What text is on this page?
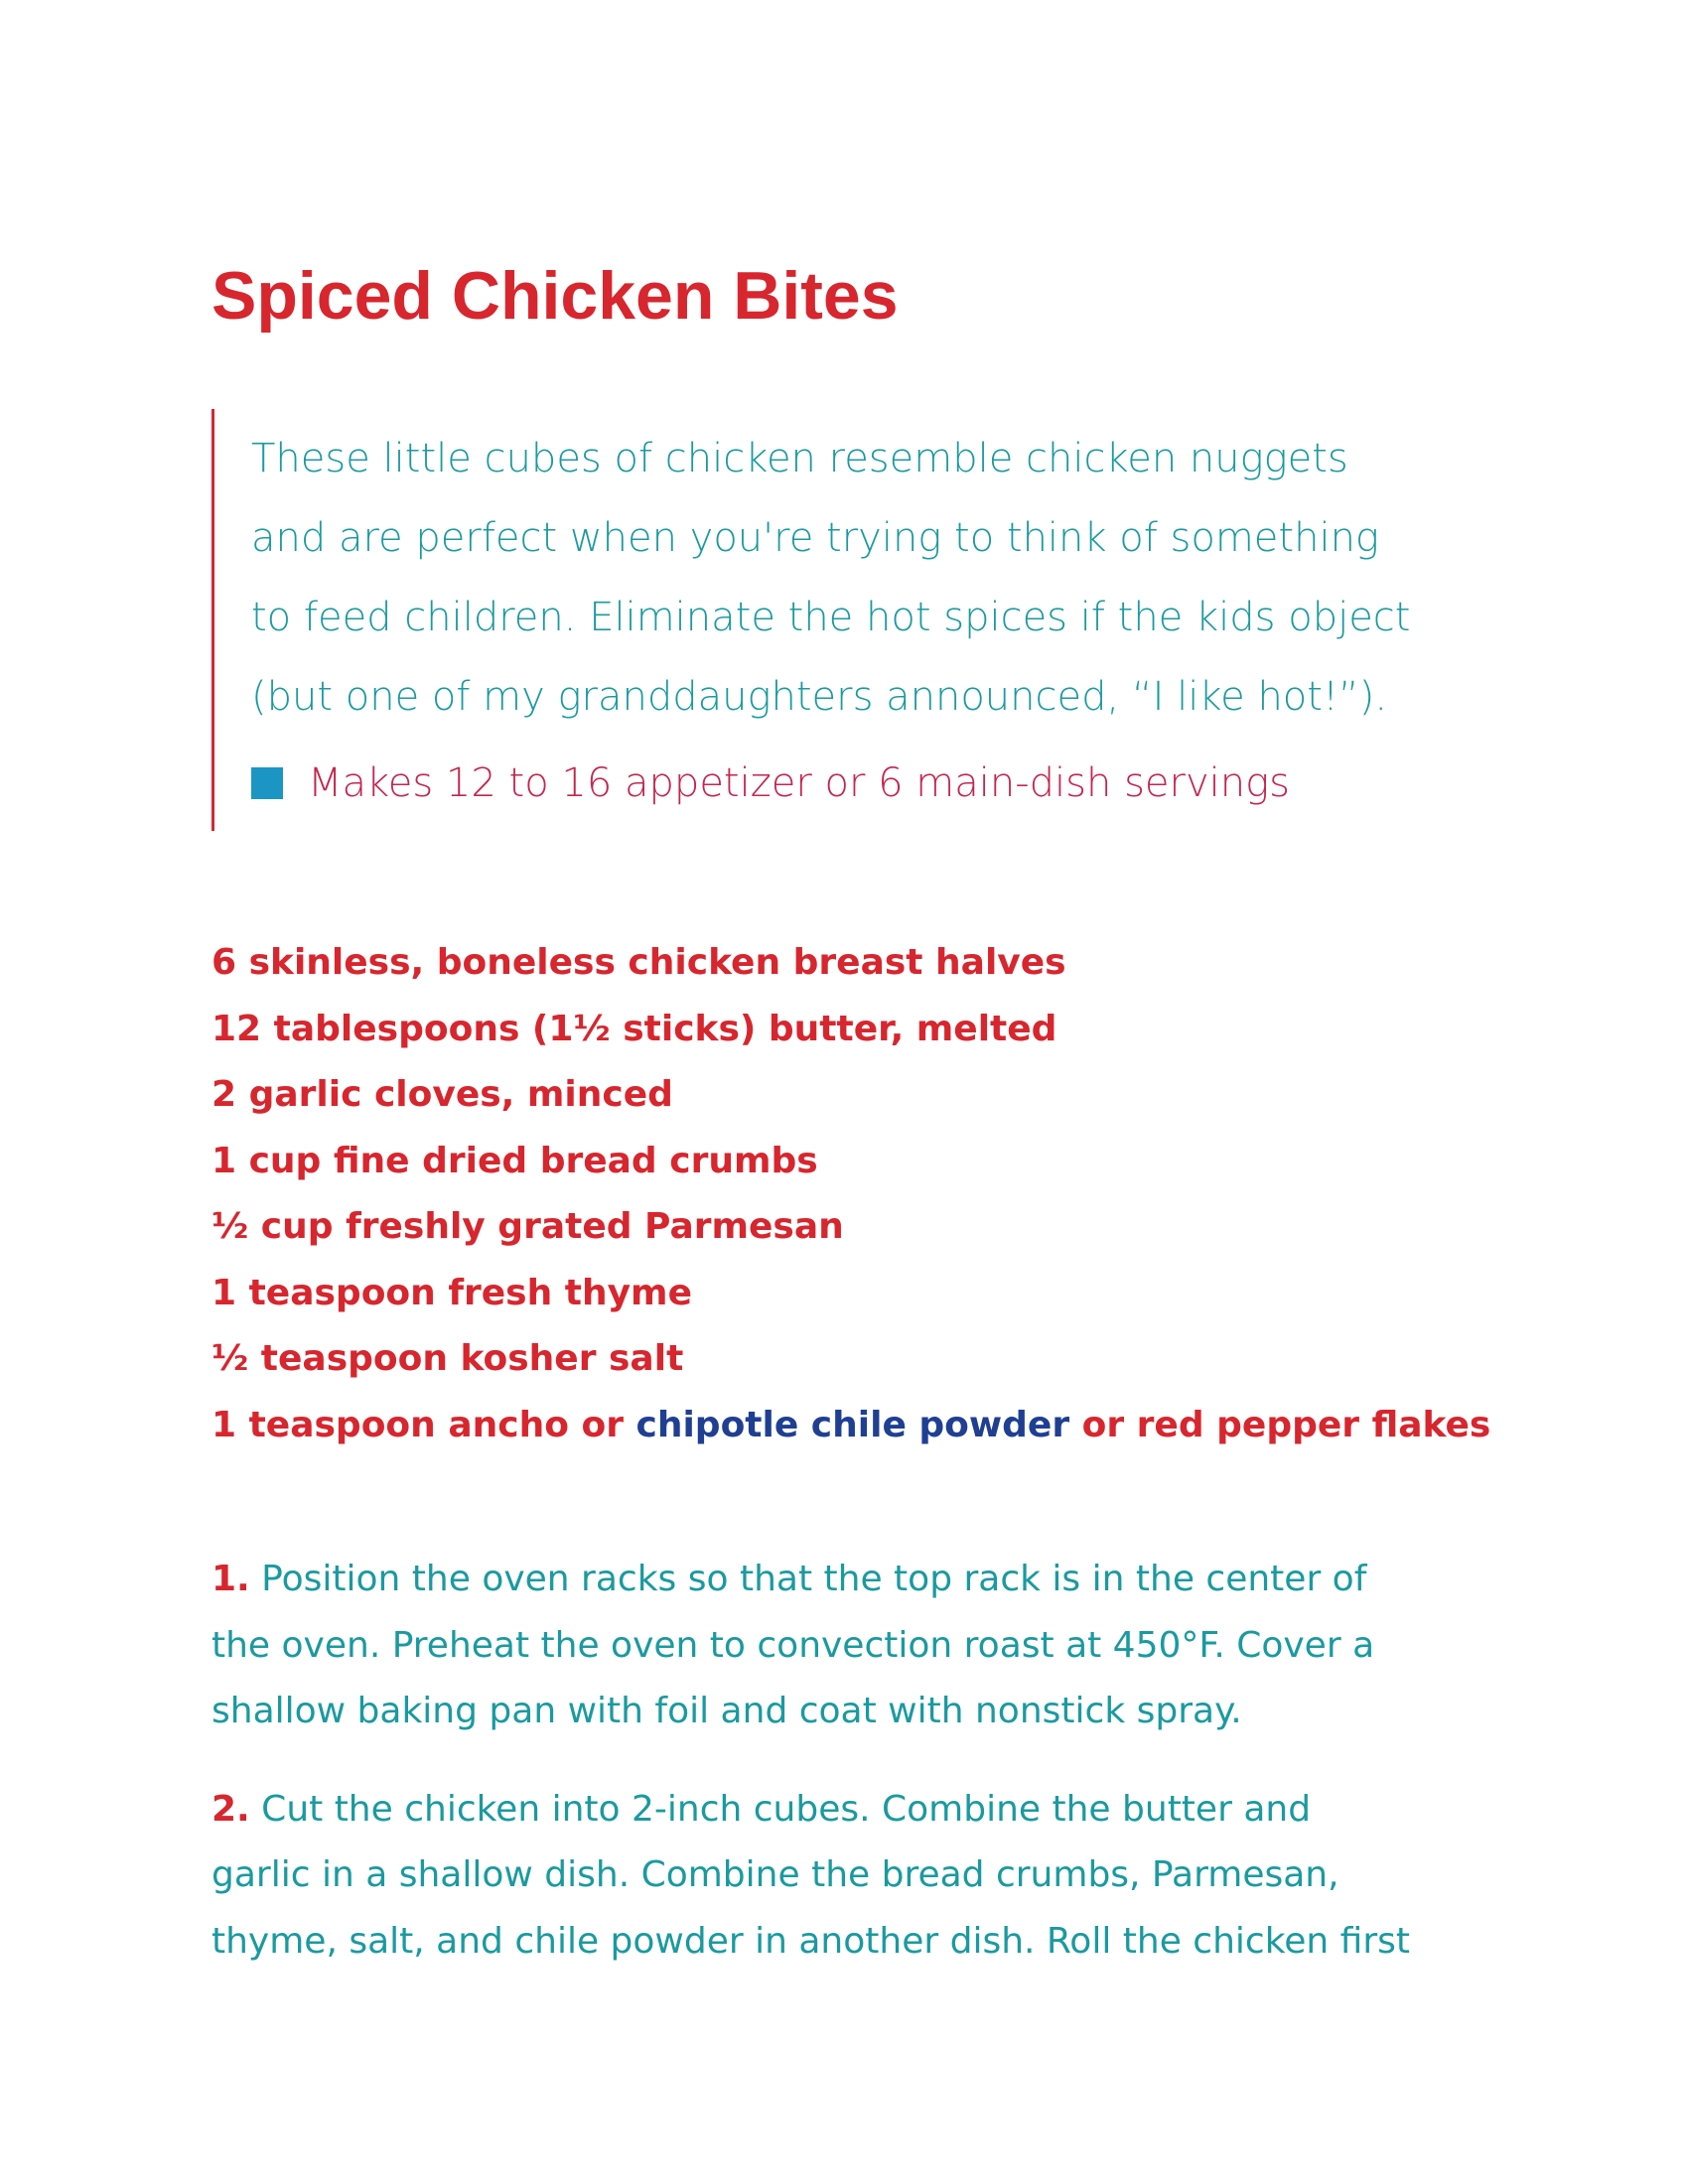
Spiced Chicken Bites

These little cubes of chicken resemble chicken nuggets
and are perfect when you're trying to think of something
to feed children. Eliminate the hot spices if the kids object
(but one of my granddaughters announced, “I like hot!”).

Makes 12 to 16 appetizer or 6 main-dish servings
6 skinless, boneless chicken breast halves
12 tablespoons (1½ sticks) butter, melted
2 garlic cloves, minced
1 cup fine dried bread crumbs
½ cup freshly grated Parmesan
1 teaspoon fresh thyme
½ teaspoon kosher salt
1 teaspoon ancho or chipotle chile powder or red pepper flakes

1. Position the oven racks so that the top rack is in the center of
the oven. Preheat the oven to convection roast at 450°F. Cover a
shallow baking pan with foil and coat with nonstick spray.

2. Cut the chicken into 2-inch cubes. Combine the butter and
garlic in a shallow dish. Combine the bread crumbs, Parmesan,
thyme, salt, and chile powder in another dish. Roll the chicken first
